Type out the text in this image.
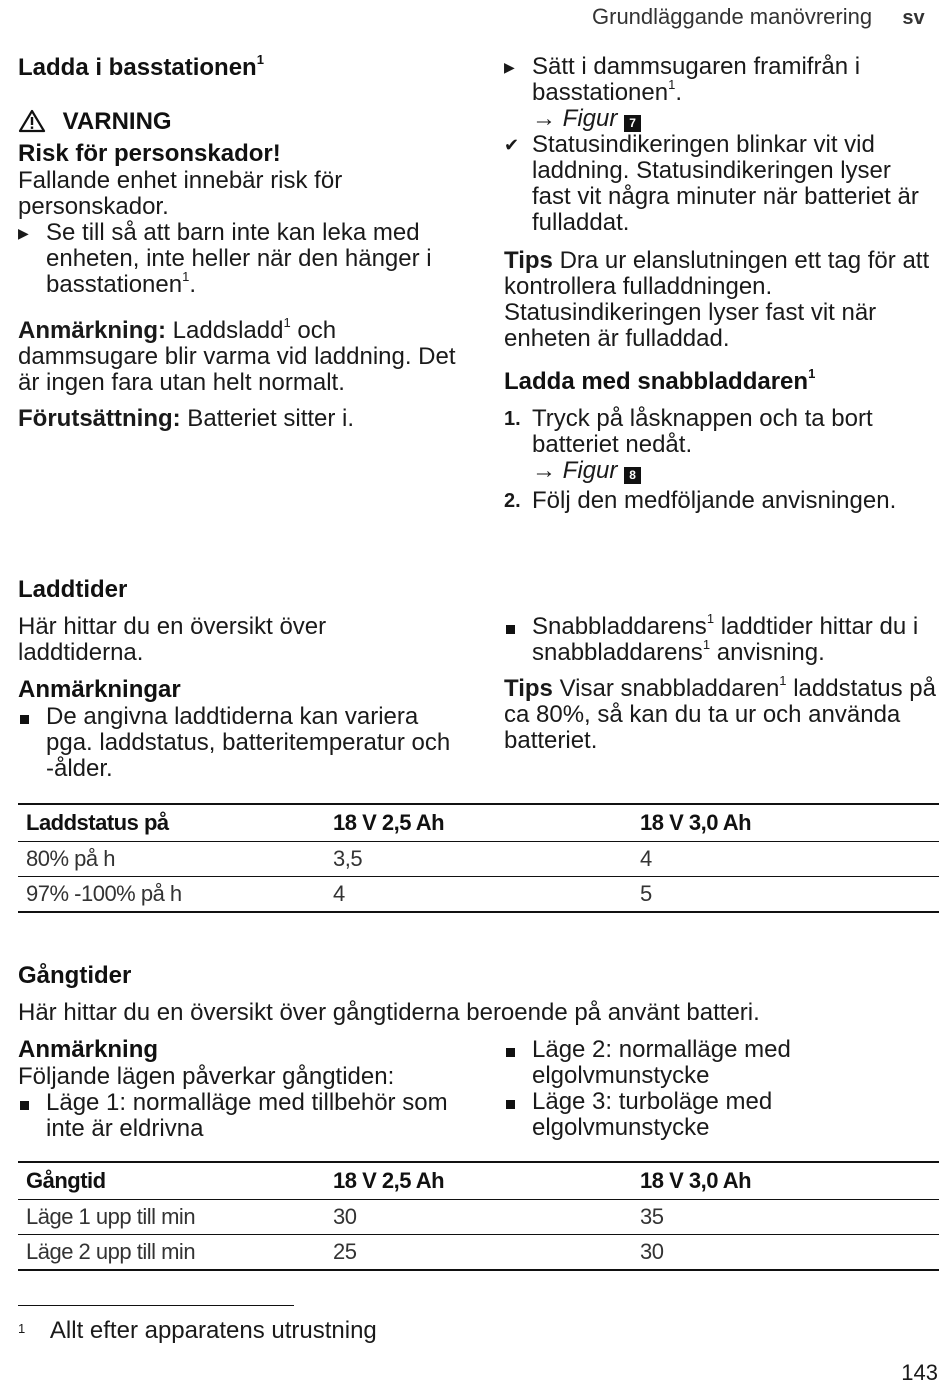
Grundläggande manövrering sv
Ladda i basstationen$^1$
VARNING
Risk för personskador!
Fallande enhet innebär risk för personskador.
▶ Se till så att barn inte kan leka med enheten, inte heller när den hänger i basstationen$^1$.
Anmärkning: Laddsladd$^1$ och dammsugare blir varma vid laddning. Det är ingen fara utan helt normalt.
Förutsättning: Batteriet sitter i.
▶ Sätt i dammsugaren framifrån i basstationen$^1$.
→ Figur 7
✔ Statusindikeringen blinkar vit vid laddning. Statusindikeringen lyser fast vit några minuter när batteriet är fulladdat.
Tips Dra ur elanslutningen ett tag för att kontrollera fulladdningen. Statusindikeringen lyser fast vit när enheten är fulladdad.
Ladda med snabbladdaren$^1$
1. Tryck på låsknappen och ta bort batteriet nedåt.
→ Figur 8
2. Följ den medföljande anvisningen.
Laddtider
Här hittar du en översikt över laddtiderna.
Anmärkningar
De angivna laddtiderna kan variera pga. laddstatus, batteritemperatur och -ålder.
Snabbladdarens$^1$ laddtider hittar du i snabbladdarens$^1$ anvisning.
Tips Visar snabbladdaren$^1$ laddstatus på ca 80%, så kan du ta ur och använda batteriet.
Laddstatus på	18 V 2,5 Ah	18 V 3,0 Ah
80% på h	3,5	4
97% -100% på h	4	5
Gångtider
Här hittar du en översikt över gångtiderna beroende på använt batteri.
Anmärkning
Följande lägen påverkar gångtiden:
Läge 1: normalläge med tillbehör som inte är eldrivna
Läge 2: normalläge med elgolvmunstycke
Läge 3: turboläge med elgolvmunstycke
Gångtid	18 V 2,5 Ah	18 V 3,0 Ah
Läge 1 upp till min	30	35
Läge 2 upp till min	25	30
$^1$ Allt efter apparatens utrustning
143
